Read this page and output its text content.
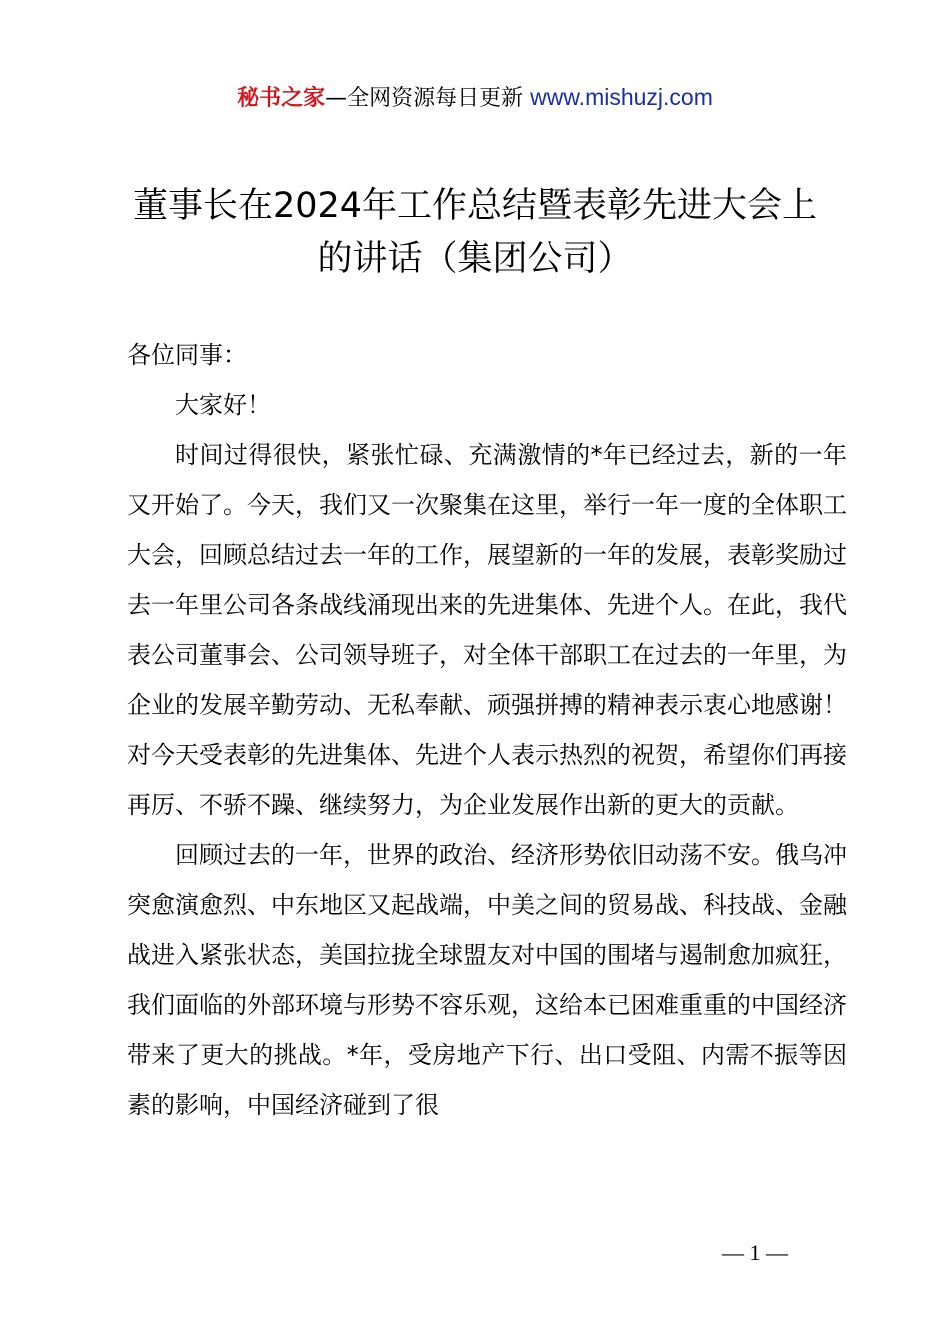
秘书之家—全网资源每日更新 www.mishuzj.com
董事长在2024年工作总结暨表彰先进大会上
的讲话（集团公司）

各位同事：

大家好！

时间过得很快，紧张忙碌、充满激情的*年已经过去，新的一年又开始了。今天，我们又一次聚集在这里，举行一年一度的全体职工大会，回顾总结过去一年的工作，展望新的一年的发展，表彰奖励过去一年里公司各条战线涌现出来的先进集体、先进个人。在此，我代表公司董事会、公司领导班子，对全体干部职工在过去的一年里，为企业的发展辛勤劳动、无私奉献、顽强拼搏的精神表示衷心地感谢！对今天受表彰的先进集体、先进个人表示热烈的祝贺，希望你们再接再厉、不骄不躁、继续努力，为企业发展作出新的更大的贡献。

回顾过去的一年，世界的政治、经济形势依旧动荡不安。俄乌冲突愈演愈烈、中东地区又起战端，中美之间的贸易战、科技战、金融战进入紧张状态，美国拉拢全球盟友对中国的围堵与遏制愈加疯狂，我们面临的外部环境与形势不容乐观，这给本已困难重重的中国经济带来了更大的挑战。*年，受房地产下行、出口受阻、内需不振等因素的影响，中国经济碰到了很

— 1 —
